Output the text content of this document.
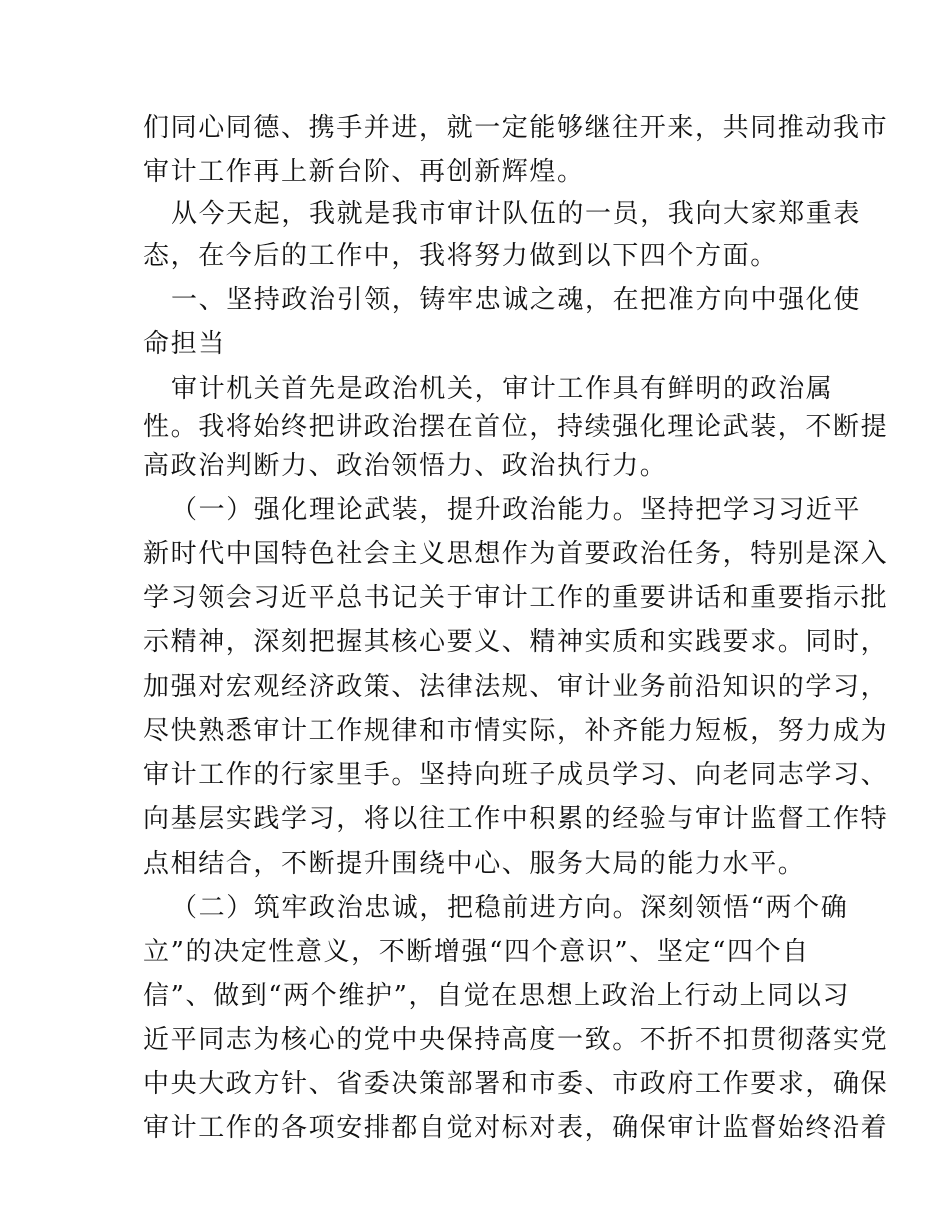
们同心同德、携手并进，就一定能够继往开来，共同推动我市
审计工作再上新台阶、再创新辉煌。
从今天起，我就是我市审计队伍的一员，我向大家郑重表
态，在今后的工作中，我将努力做到以下四个方面。
一、坚持政治引领，铸牢忠诚之魂，在把准方向中强化使
命担当
审计机关首先是政治机关，审计工作具有鲜明的政治属
性。我将始终把讲政治摆在首位，持续强化理论武装，不断提
高政治判断力、政治领悟力、政治执行力。
（一）强化理论武装，提升政治能力。坚持把学习习近平
新时代中国特色社会主义思想作为首要政治任务，特别是深入
学习领会习近平总书记关于审计工作的重要讲话和重要指示批
示精神，深刻把握其核心要义、精神实质和实践要求。同时，
加强对宏观经济政策、法律法规、审计业务前沿知识的学习，
尽快熟悉审计工作规律和市情实际，补齐能力短板，努力成为
审计工作的行家里手。坚持向班子成员学习、向老同志学习、
向基层实践学习，将以往工作中积累的经验与审计监督工作特
点相结合，不断提升围绕中心、服务大局的能力水平。
（二）筑牢政治忠诚，把稳前进方向。深刻领悟“两个确
立”的决定性意义，不断增强“四个意识”、坚定“四个自
信”、做到“两个维护”，自觉在思想上政治上行动上同以习
近平同志为核心的党中央保持高度一致。不折不扣贯彻落实党
中央大政方针、省委决策部署和市委、市政府工作要求，确保
审计工作的各项安排都自觉对标对表，确保审计监督始终沿着
